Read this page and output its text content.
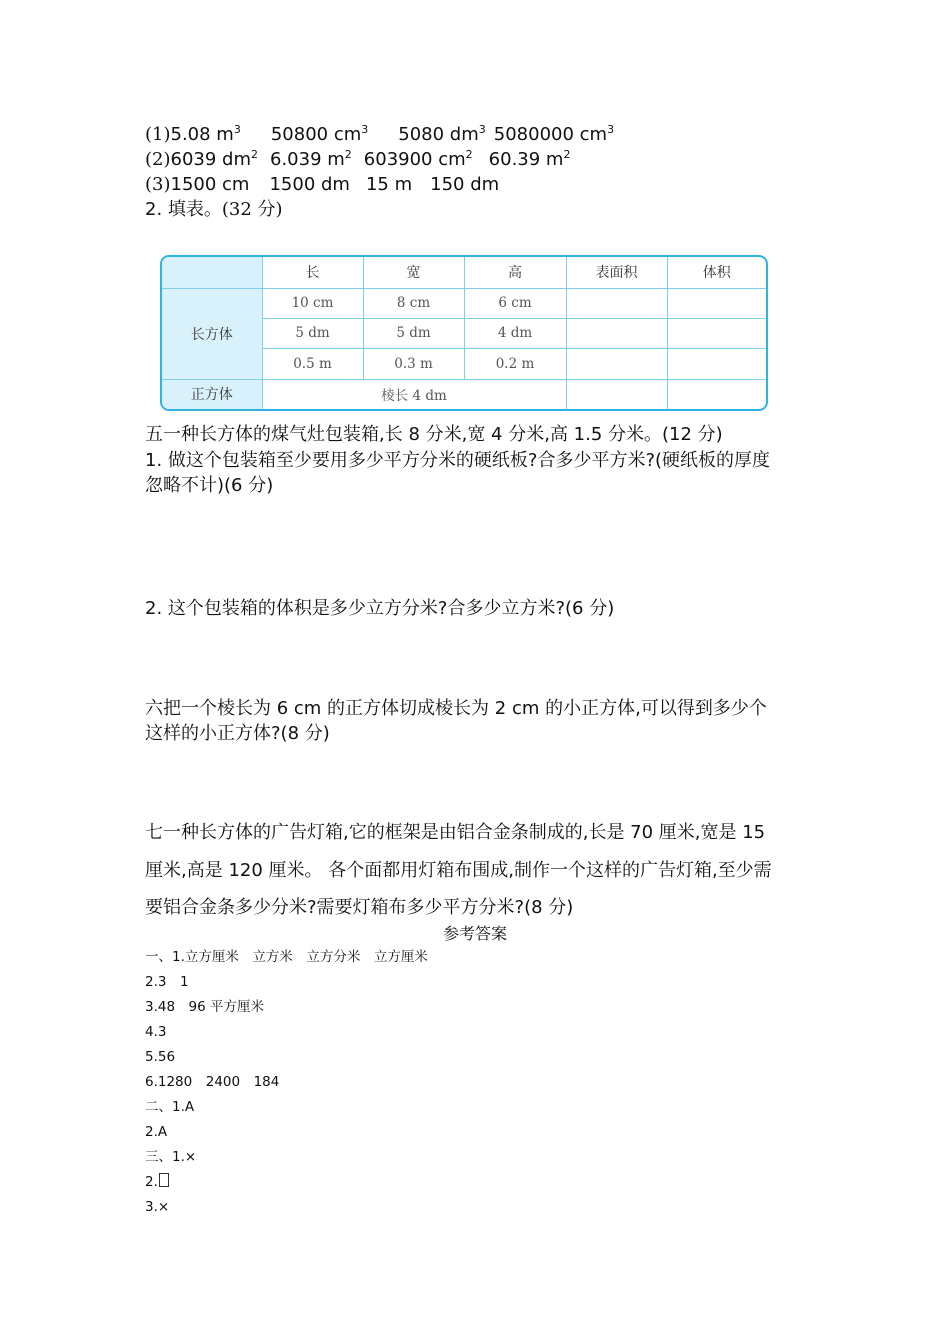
(1)5.08 $m^3$ 50800 $cm^3$ 5080 $dm^3$ 5080000 $cm^3$
(2)6039 $dm^2$ 6.039 $m^2$ 603900 $cm^2$ 60.39 $m^2$
(3)1500 cm 1500 dm 15 m 150 dm
2. 填表。(32 分)
	长	宽	高	表面积	体积
长方体	10 cm	8 cm	6 cm		
	5 dm	5 dm	4 dm		
	0.5 m	0.3 m	0.2 m		
正方体	棱长 4 dm				
五一种长方体的煤气灶包装箱,长 8 分米,宽 4 分米,高 1.5 分米。(12 分)
1. 做这个包装箱至少要用多少平方分米的硬纸板?合多少平方米?(硬纸板的厚度
忽略不计)(6 分)
2. 这个包装箱的体积是多少立方分米?合多少立方米?(6 分)
六把一个棱长为 6 cm 的正方体切成棱长为 2 cm 的小正方体,可以得到多少个
这样的小正方体?(8 分)
七一种长方体的广告灯箱,它的框架是由铝合金条制成的,长是 70 厘米,宽是 15
厘米,高是 120 厘米。 各个面都用灯箱布围成,制作一个这样的广告灯箱,至少需
要铝合金条多少分米?需要灯箱布多少平方分米?(8 分)
参考答案
一、1.立方厘米　立方米　立方分米　立方厘米
2.3　1
3.48　96 平方厘米
4.3
5.56
6.1280　2400　184
二、1.A
2.A
三、1.×
2.
3.×
